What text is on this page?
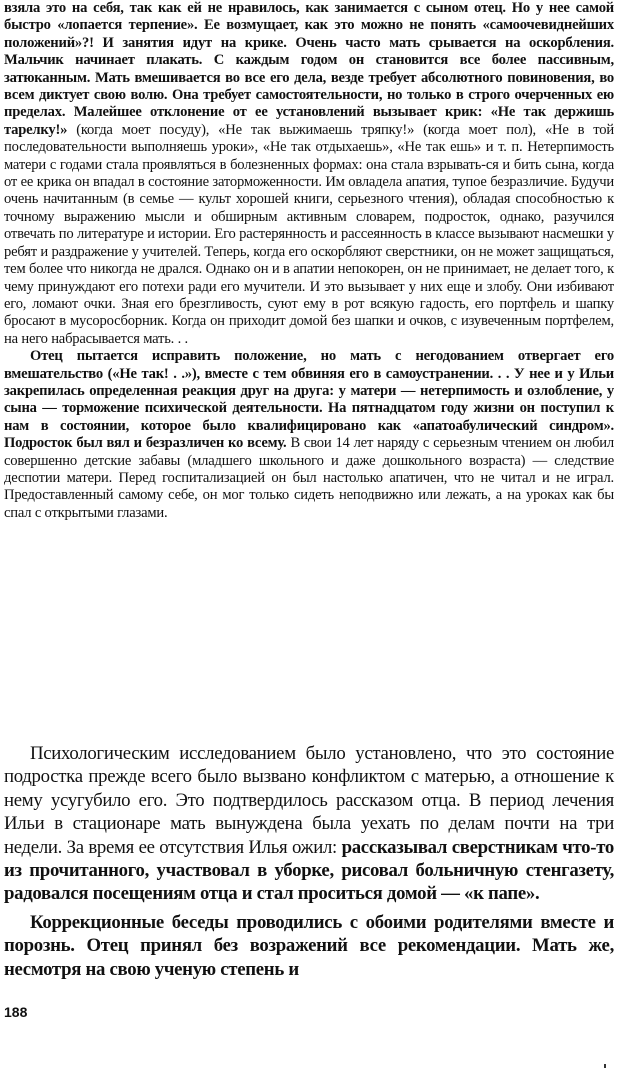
взяла это на себя, так как ей не нравилось, как занимается с сыном отец. Но у нее самой быстро «лопается терпение». Ее возмущает, как это можно не понять «самоочевиднейших положений»?! И занятия идут на крике. Очень часто мать срывается на оскорбления. Мальчик начинает плакать. С каждым годом он становится все более пассивным, затюканным. Мать вмешивается во все его дела, везде требует абсолютного повиновения, во всем диктует свою волю. Она требует самостоятельности, но только в строго очерченных ею пределах. Малейшее отклонение от ее установлений вызывает крик: «Не так держишь тарелку!» (когда моет посуду), «Не так выжимаешь тряпку!» (когда моет пол), «Не в той последовательности выполняешь уроки», «Не так отдыхаешь», «Не так ешь» и т. п. Нетерпимость матери с годами стала проявляться в болезненных формах: она стала взрывать-ся и бить сына, когда от ее крика он впадал в состояние заторможенности. Им овладела апатия, тупое безразличие. Будучи очень начитанным (в семье — культ хорошей книги, серьезного чтения), обладая способностью к точному выражению мысли и обширным активным словарем, подросток, однако, разучился отвечать по литературе и истории. Его растерянность и рассеянность в классе вызывают насмешки у ребят и раздражение у учителей. Теперь, когда его оскорбляют сверстники, он не может защищаться, тем более что никогда не дрался. Однако он и в апатии непокорен, он не принимает, не делает того, к чему принуждают его потехи ради его мучители. И это вызывает у них еще и злобу. Они избивают его, ломают очки. Зная его брезгливость, суют ему в рот всякую гадость, его портфель и шапку бросают в мусоросборник. Когда он приходит домой без шапки и очков, с изувеченным портфелем, на него набрасывается мать. . .

Отец пытается исправить положение, но мать с негодованием отвергает его вмешательство («Не так! . .»), вместе с тем обвиняя его в самоустранении. . . У нее и у Ильи закрепилась определенная реакция друг на друга: у матери — нетерпимость и озлобление, у сына — торможение психической деятельности. На пятнадцатом году жизни он поступил к нам в состоянии, которое было квалифицировано как «апатоабулический синдром». Подросток был вял и безразличен ко всему. В свои 14 лет наряду с серьезным чтением он любил совершенно детские забавы (младшего школьного и даже дошкольного возраста) — следствие деспотии матери. Перед госпитализацией он был настолько апатичен, что не читал и не играл. Предоставленный самому себе, он мог только сидеть неподвижно или лежать, а на уроках как бы спал с открытыми глазами.

Психологическим исследованием было установлено, что это состояние подростка прежде всего было вызвано конфликтом с матерью, а отношение к нему усугубило его. Это подтвердилось рассказом отца. В период лечения Ильи в стационаре мать вынуждена была уехать по делам почти на три недели. За время ее отсутствия Илья ожил: рассказывал сверстникам что-то из прочитанного, участвовал в уборке, рисовал больничную стенгазету, радовался посещениям отца и стал проситься домой — «к папе».

Коррекционные беседы проводились с обоими родителями вместе и порознь. Отец принял без возражений все рекомендации. Мать же, несмотря на свою ученую степень и

188
